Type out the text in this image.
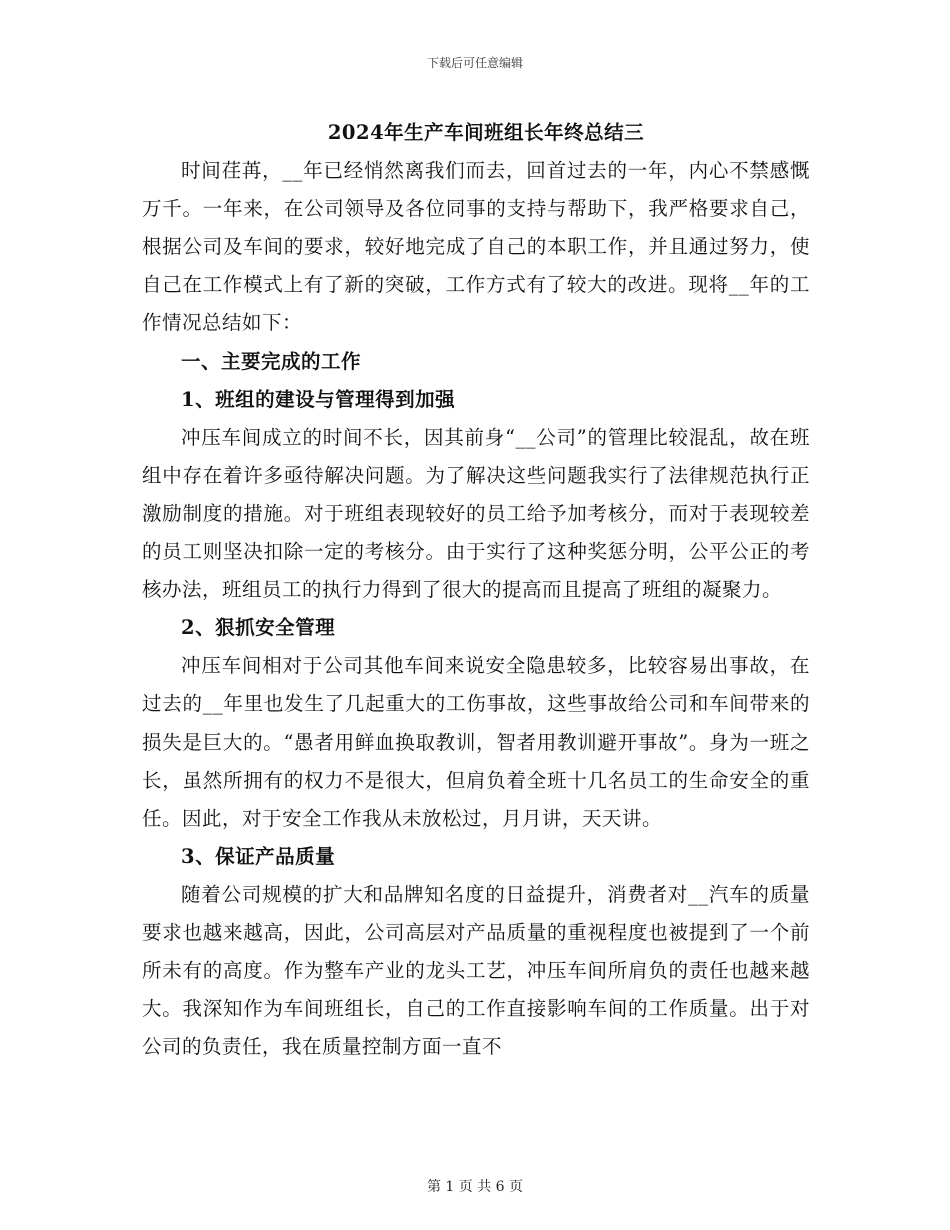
下载后可任意编辑

2024年生产车间班组长年终总结三

时间荏苒，__年已经悄然离我们而去，回首过去的一年，内心不禁感慨万千。一年来，在公司领导及各位同事的支持与帮助下，我严格要求自己，根据公司及车间的要求，较好地完成了自己的本职工作，并且通过努力，使自己在工作模式上有了新的突破，工作方式有了较大的改进。现将__年的工作情况总结如下：

一、主要完成的工作

1、班组的建设与管理得到加强

冲压车间成立的时间不长，因其前身“__公司”的管理比较混乱，故在班组中存在着许多亟待解决问题。为了解决这些问题我实行了法律规范执行正激励制度的措施。对于班组表现较好的员工给予加考核分，而对于表现较差的员工则坚决扣除一定的考核分。由于实行了这种奖惩分明，公平公正的考核办法，班组员工的执行力得到了很大的提高而且提高了班组的凝聚力。

2、狠抓安全管理

冲压车间相对于公司其他车间来说安全隐患较多，比较容易出事故，在过去的__年里也发生了几起重大的工伤事故，这些事故给公司和车间带来的损失是巨大的。“愚者用鲜血换取教训，智者用教训避开事故”。身为一班之长，虽然所拥有的权力不是很大，但肩负着全班十几名员工的生命安全的重任。因此，对于安全工作我从未放松过，月月讲，天天讲。

3、保证产品质量

随着公司规模的扩大和品牌知名度的日益提升，消费者对__汽车的质量要求也越来越高，因此，公司高层对产品质量的重视程度也被提到了一个前所未有的高度。作为整车产业的龙头工艺，冲压车间所肩负的责任也越来越大。我深知作为车间班组长，自己的工作直接影响车间的工作质量。出于对公司的负责任，我在质量控制方面一直不

第 1 页 共 6 页
